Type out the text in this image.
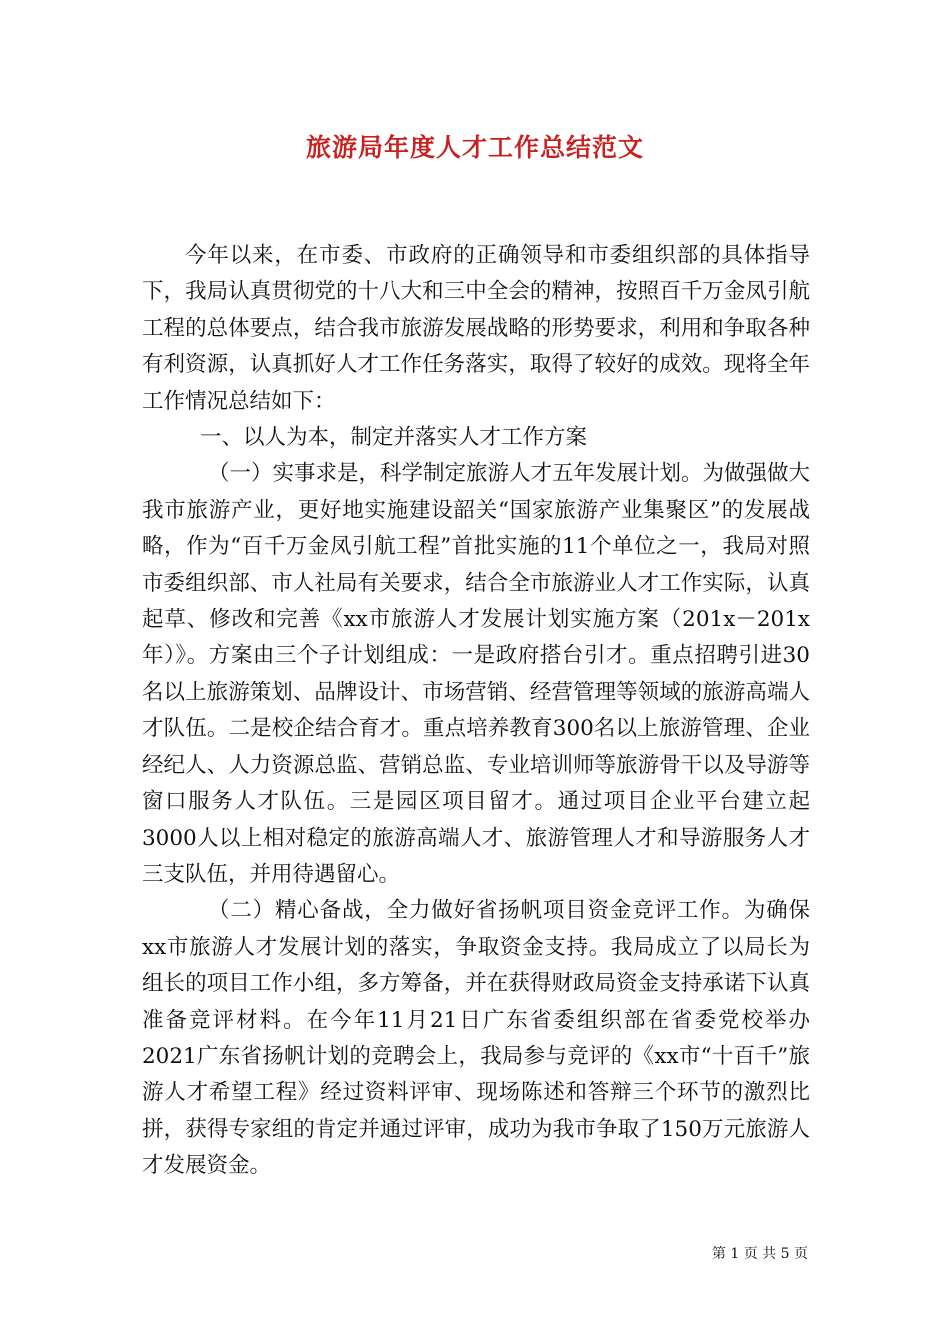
旅游局年度人才工作总结范文

今年以来，在市委、市政府的正确领导和市委组织部的具体指导下，我局认真贯彻党的十八大和三中全会的精神，按照百千万金凤引航工程的总体要点，结合我市旅游发展战略的形势要求，利用和争取各种有利资源，认真抓好人才工作任务落实，取得了较好的成效。现将全年工作情况总结如下：

一、以人为本，制定并落实人才工作方案

（一）实事求是，科学制定旅游人才五年发展计划。为做强做大我市旅游产业，更好地实施建设韶关“国家旅游产业集聚区”的发展战略，作为“百千万金凤引航工程”首批实施的11个单位之一，我局对照市委组织部、市人社局有关要求，结合全市旅游业人才工作实际，认真起草、修改和完善《xx市旅游人才发展计划实施方案（201x－201x年）》。方案由三个子计划组成：一是政府搭台引才。重点招聘引进30名以上旅游策划、品牌设计、市场营销、经营管理等领域的旅游高端人才队伍。二是校企结合育才。重点培养教育300名以上旅游管理、企业经纪人、人力资源总监、营销总监、专业培训师等旅游骨干以及导游等窗口服务人才队伍。三是园区项目留才。通过项目企业平台建立起3000人以上相对稳定的旅游高端人才、旅游管理人才和导游服务人才三支队伍，并用待遇留心。

（二）精心备战，全力做好省扬帆项目资金竞评工作。为确保xx市旅游人才发展计划的落实，争取资金支持。我局成立了以局长为组长的项目工作小组，多方筹备，并在获得财政局资金支持承诺下认真准备竞评材料。在今年11月21日广东省委组织部在省委党校举办2021广东省扬帆计划的竞聘会上，我局参与竞评的《xx市“十百千”旅游人才希望工程》经过资料评审、现场陈述和答辩三个环节的激烈比拼，获得专家组的肯定并通过评审，成功为我市争取了150万元旅游人才发展资金。

第 1 页 共 5 页
